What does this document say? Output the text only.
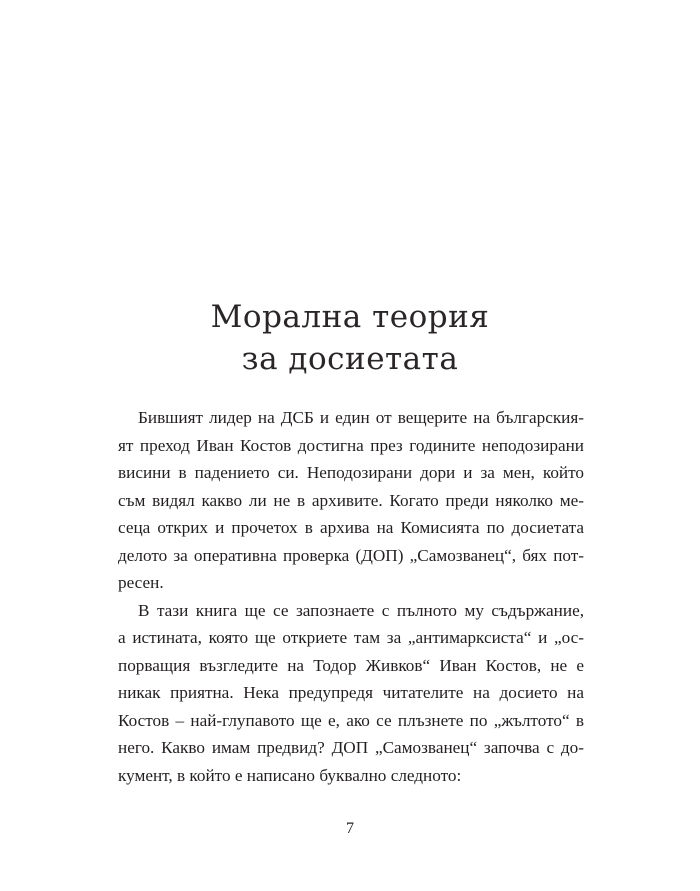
Морална теория
за досиетата
Бившият лидер на ДСБ и един от вещерите на българския-
ят преход Иван Костов достигна през годините неподозирани
висини в падението си. Неподозирани дори и за мен, който
съм видял какво ли не в архивите. Когато преди няколко ме-
сеца открих и прочетох в архива на Комисията по досиетата
делото за оперативна проверка (ДОП) „Самозванец“, бях пот-
ресен.
В тази книга ще се запознаете с пълното му съдържание,
а истината, която ще откриете там за „антимарксиста“ и „ос-
порващия възгледите на Тодор Живков“ Иван Костов, не е
никак приятна. Нека предупредя читателите на досието на
Костов – най-глупавото ще е, ако се плъзнете по „жълтото“ в
него. Какво имам предвид? ДОП „Самозванец“ започва с до-
кумент, в който е написано буквално следното:
7
